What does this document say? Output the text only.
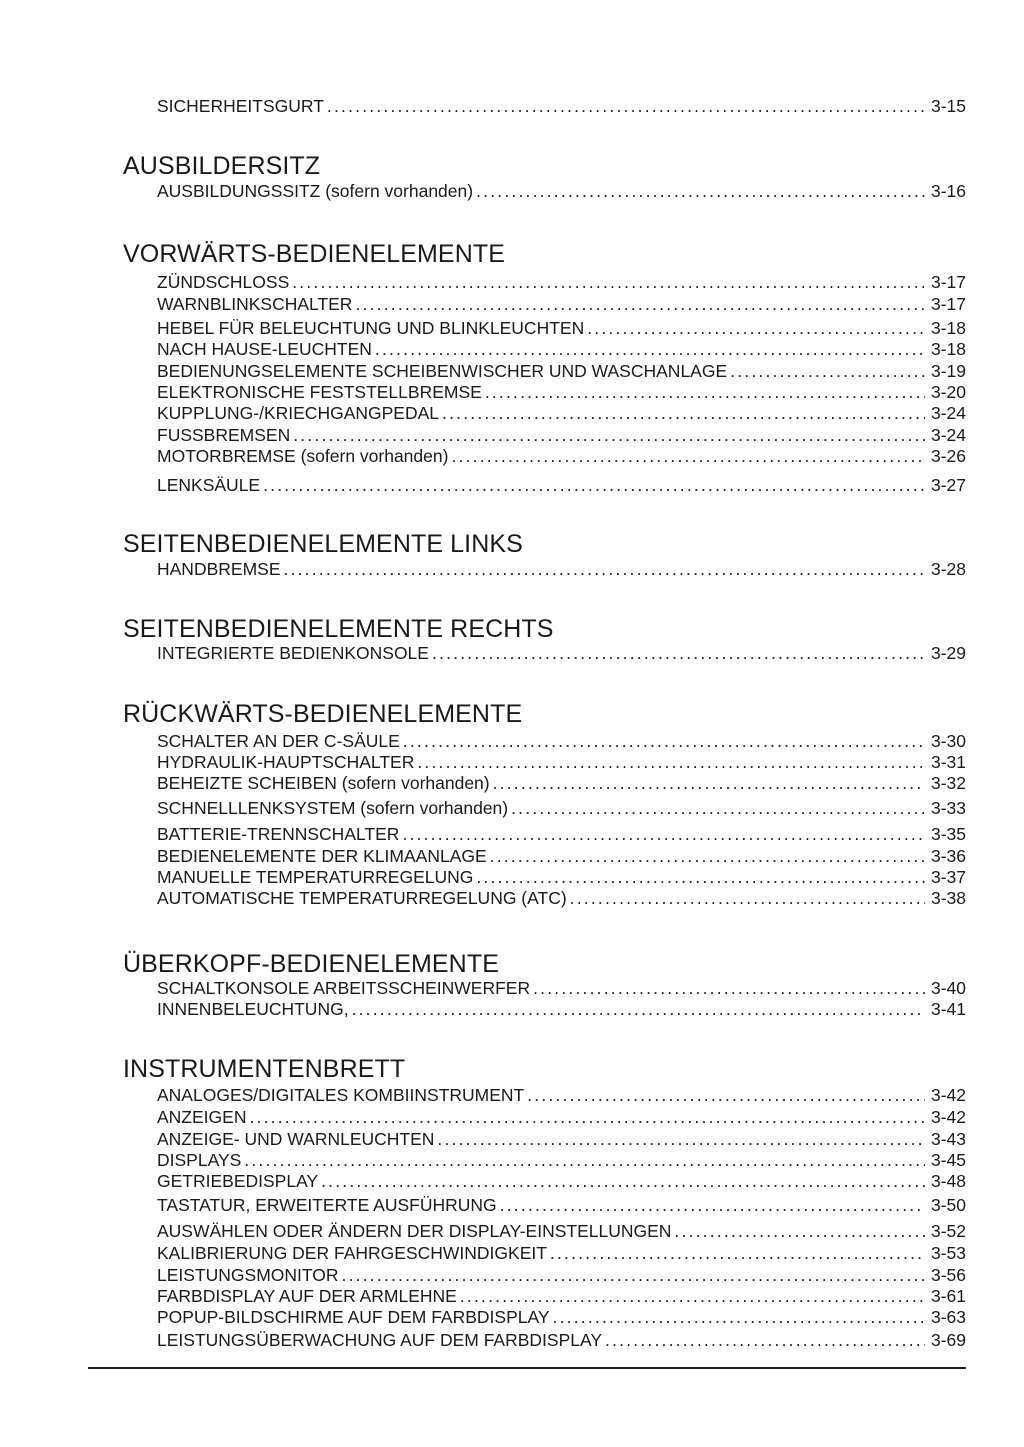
SICHERHEITSGURT .....	3-15
AUSBILDERSITZ
AUSBILDUNGSSITZ (sofern vorhanden) .....	3-16
VORWÄRTS-BEDIENELEMENTE
ZÜNDSCHLOSS .....	3-17
WARNBLINKSCHALTER .....	3-17
HEBEL FÜR BELEUCHTUNG UND BLINKLEUCHTEN .....	3-18
NACH HAUSE-LEUCHTEN .....	3-18
BEDIENUNGSELEMENTE SCHEIBENWISCHER UND WASCHANLAGE .....	3-19
ELEKTRONISCHE FESTSTELLBREMSE .....	3-20
KUPPLUNG-/KRIECHGANGPEDAL .....	3-24
FUSSBREMSEN .....	3-24
MOTORBREMSE (sofern vorhanden) .....	3-26
LENKSÄULE .....	3-27
SEITENBEDIENELEMENTE LINKS
HANDBREMSE .....	3-28
SEITENBEDIENELEMENTE RECHTS
INTEGRIERTE BEDIENKONSOLE .....	3-29
RÜCKWÄRTS-BEDIENELEMENTE
SCHALTER AN DER C-SÄULE .....	3-30
HYDRAULIK-HAUPTSCHALTER .....	3-31
BEHEIZTE SCHEIBEN (sofern vorhanden) .....	3-32
SCHNELLLENKSYSTEM (sofern vorhanden) .....	3-33
BATTERIE-TRENNSCHALTER .....	3-35
BEDIENELEMENTE DER KLIMAANLAGE .....	3-36
MANUELLE TEMPERATURREGELUNG .....	3-37
AUTOMATISCHE TEMPERATURREGELUNG (ATC) .....	3-38
ÜBERKOPF-BEDIENELEMENTE
SCHALTKONSOLE ARBEITSSCHEINWERFER .....	3-40
INNENBELEUCHTUNG, .....	3-41
INSTRUMENTENBRETT
ANALOGES/DIGITALES KOMBIINSTRUMENT .....	3-42
ANZEIGEN .....	3-42
ANZEIGE- UND WARNLEUCHTEN .....	3-43
DISPLAYS .....	3-45
GETRIEBEDISPLAY .....	3-48
TASTATUR, ERWEITERTE AUSFÜHRUNG .....	3-50
AUSWÄHLEN ODER ÄNDERN DER DISPLAY-EINSTELLUNGEN .....	3-52
KALIBRIERUNG DER FAHRGESCHWINDIGKEIT .....	3-53
LEISTUNGSMONITOR .....	3-56
FARBDISPLAY AUF DER ARMLEHNE .....	3-61
POPUP-BILDSCHIRME AUF DEM FARBDISPLAY .....	3-63
LEISTUNGSÜBERWACHUNG AUF DEM FARBDISPLAY .....	3-69
